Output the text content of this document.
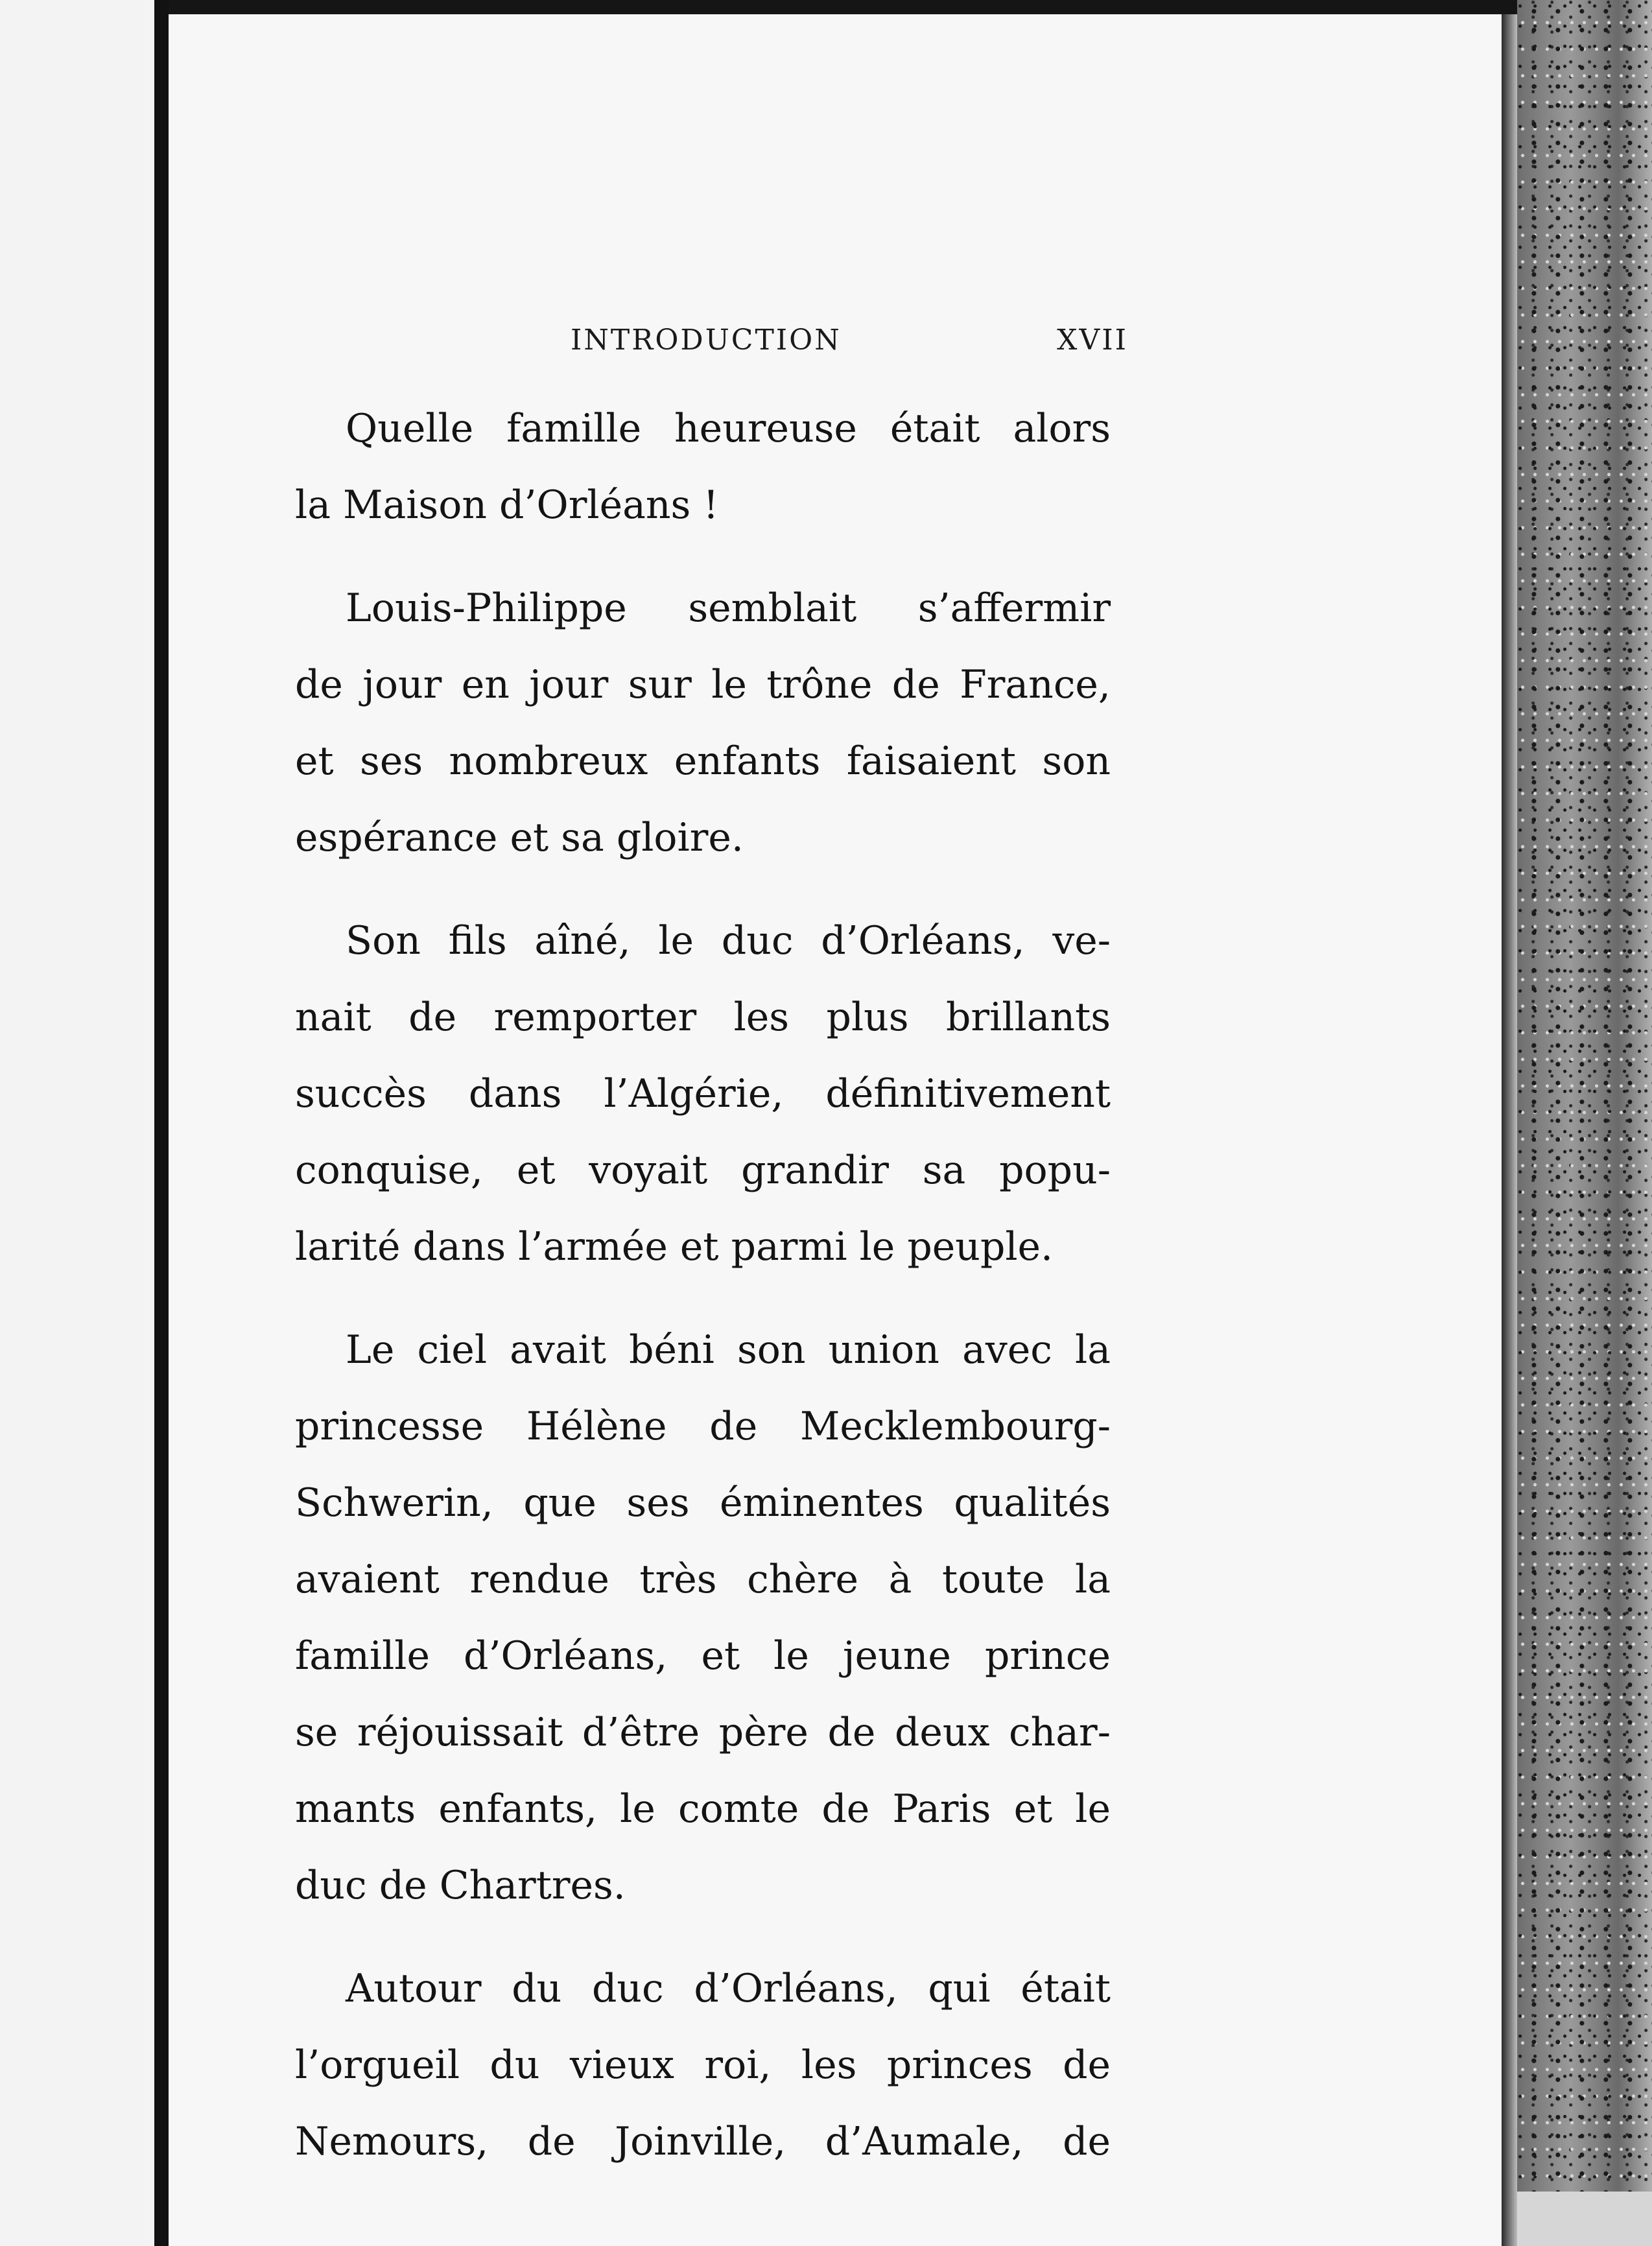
INTRODUCTION	XVII

Quelle famille heureuse était alors
la Maison d’Orléans !

Louis-Philippe semblait s’affermir
de jour en jour sur le trône de France,
et ses nombreux enfants faisaient son
espérance et sa gloire.

Son fils aîné, le duc d’Orléans, ve-
nait de remporter les plus brillants
succès dans l’Algérie, définitivement
conquise, et voyait grandir sa popu-
larité dans l’armée et parmi le peuple.

Le ciel avait béni son union avec la
princesse Hélène de Mecklembourg-
Schwerin, que ses éminentes qualités
avaient rendue très chère à toute la
famille d’Orléans, et le jeune prince
se réjouissait d’être père de deux char-
mants enfants, le comte de Paris et le
duc de Chartres.

Autour du duc d’Orléans, qui était
l’orgueil du vieux roi, les princes de
Nemours, de Joinville, d’Aumale, de
